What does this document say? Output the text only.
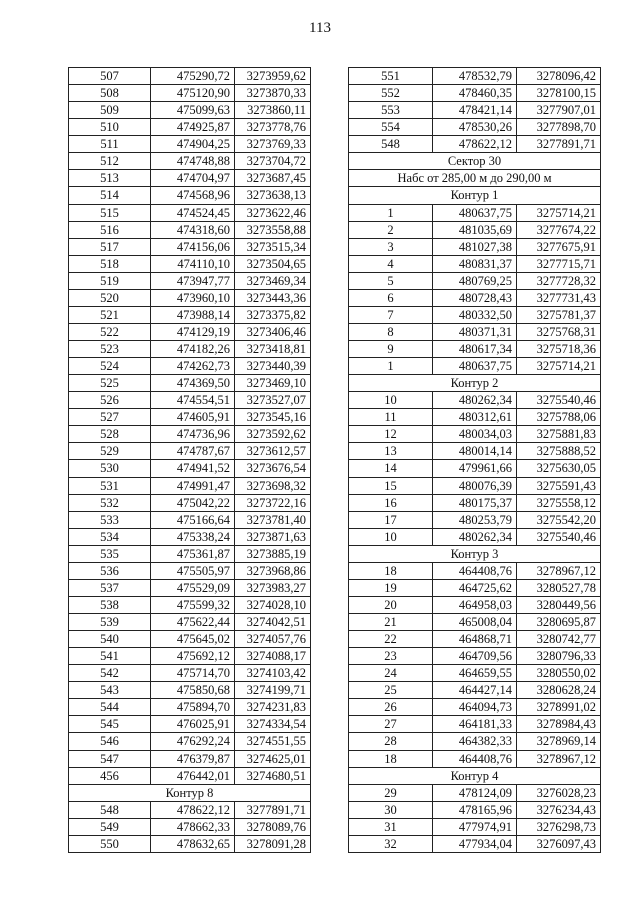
113
507	475290,72	3273959,62
508	475120,90	3273870,33
509	475099,63	3273860,11
510	474925,87	3273778,76
511	474904,25	3273769,33
512	474748,88	3273704,72
513	474704,97	3273687,45
514	474568,96	3273638,13
515	474524,45	3273622,46
516	474318,60	3273558,88
517	474156,06	3273515,34
518	474110,10	3273504,65
519	473947,77	3273469,34
520	473960,10	3273443,36
521	473988,14	3273375,82
522	474129,19	3273406,46
523	474182,26	3273418,81
524	474262,73	3273440,39
525	474369,50	3273469,10
526	474554,51	3273527,07
527	474605,91	3273545,16
528	474736,96	3273592,62
529	474787,67	3273612,57
530	474941,52	3273676,54
531	474991,47	3273698,32
532	475042,22	3273722,16
533	475166,64	3273781,40
534	475338,24	3273871,63
535	475361,87	3273885,19
536	475505,97	3273968,86
537	475529,09	3273983,27
538	475599,32	3274028,10
539	475622,44	3274042,51
540	475645,02	3274057,76
541	475692,12	3274088,17
542	475714,70	3274103,42
543	475850,68	3274199,71
544	475894,70	3274231,83
545	476025,91	3274334,54
546	476292,24	3274551,55
547	476379,87	3274625,01
456	476442,01	3274680,51
Контур 8		
548	478622,12	3277891,71
549	478662,33	3278089,76
550	478632,65	3278091,28
551	478532,79	3278096,42
552	478460,35	3278100,15
553	478421,14	3277907,01
554	478530,26	3277898,70
548	478622,12	3277891,71
Сектор 30		
Набс от 285,00 м до 290,00 м		
Контур 1		
1	480637,75	3275714,21
2	481035,69	3277674,22
3	481027,38	3277675,91
4	480831,37	3277715,71
5	480769,25	3277728,32
6	480728,43	3277731,43
7	480332,50	3275781,37
8	480371,31	3275768,31
9	480617,34	3275718,36
1	480637,75	3275714,21
Контур 2		
10	480262,34	3275540,46
11	480312,61	3275788,06
12	480034,03	3275881,83
13	480014,14	3275888,52
14	479961,66	3275630,05
15	480076,39	3275591,43
16	480175,37	3275558,12
17	480253,79	3275542,20
10	480262,34	3275540,46
Контур 3		
18	464408,76	3278967,12
19	464725,62	3280527,78
20	464958,03	3280449,56
21	465008,04	3280695,87
22	464868,71	3280742,77
23	464709,56	3280796,33
24	464659,55	3280550,02
25	464427,14	3280628,24
26	464094,73	3278991,02
27	464181,33	3278984,43
28	464382,33	3278969,14
18	464408,76	3278967,12
Контур 4		
29	478124,09	3276028,23
30	478165,96	3276234,43
31	477974,91	3276298,73
32	477934,04	3276097,43
